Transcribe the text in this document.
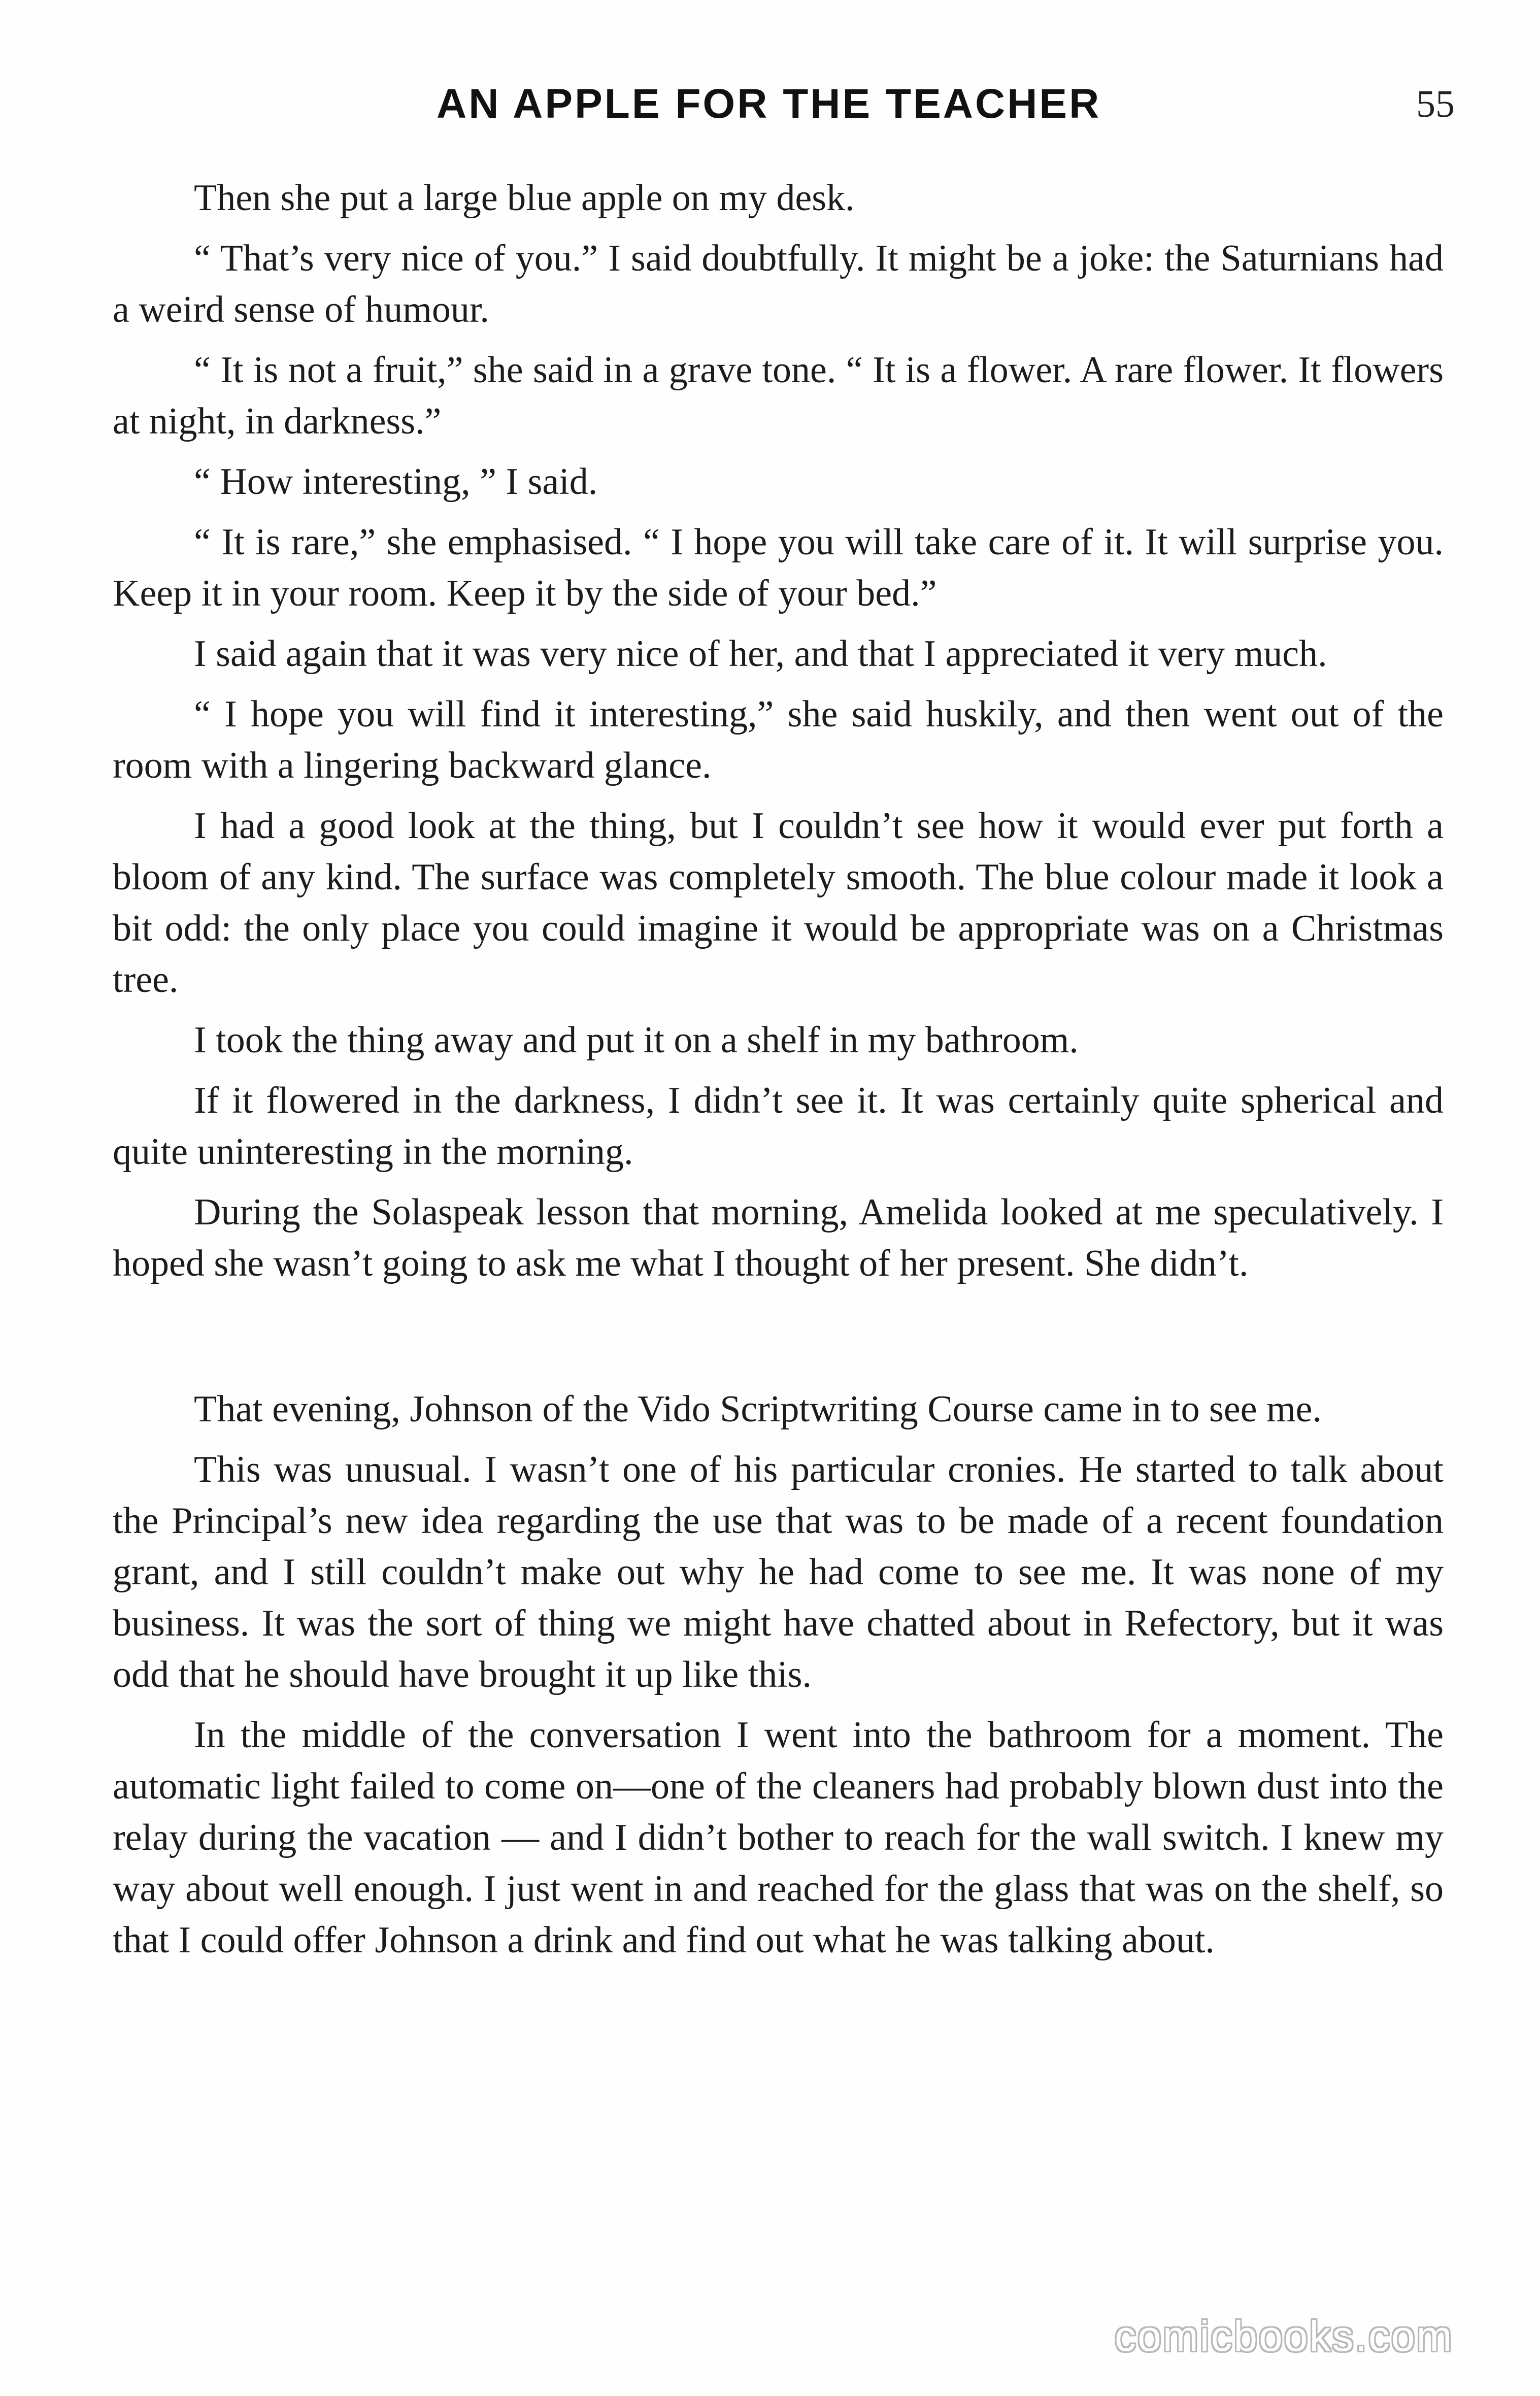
AN APPLE FOR THE TEACHER	55

Then she put a large blue apple on my desk.

“ That’s very nice of you.” I said doubtfully. It might be a joke: the Saturnians had a weird sense of humour.

“ It is not a fruit,” she said in a grave tone. “ It is a flower. A rare flower. It flowers at night, in darkness.”

“ How interesting, ” I said.

“ It is rare,” she emphasised. “ I hope you will take care of it. It will surprise you. Keep it in your room. Keep it by the side of your bed.”

I said again that it was very nice of her, and that I appreciated it very much.

“ I hope you will find it interesting,” she said huskily, and then went out of the room with a lingering backward glance.

I had a good look at the thing, but I couldn’t see how it would ever put forth a bloom of any kind. The surface was completely smooth. The blue colour made it look a bit odd: the only place you could imagine it would be appropriate was on a Christmas tree.

I took the thing away and put it on a shelf in my bathroom.

If it flowered in the darkness, I didn’t see it. It was certainly quite spherical and quite uninteresting in the morning.

During the Solaspeak lesson that morning, Amelida looked at me speculatively. I hoped she wasn’t going to ask me what I thought of her present. She didn’t.

That evening, Johnson of the Vido Scriptwriting Course came in to see me.

This was unusual. I wasn’t one of his particular cronies. He started to talk about the Principal’s new idea regarding the use that was to be made of a recent foundation grant, and I still couldn’t make out why he had come to see me. It was none of my business. It was the sort of thing we might have chatted about in Refectory, but it was odd that he should have brought it up like this.

In the middle of the conversation I went into the bathroom for a moment. The automatic light failed to come on—one of the cleaners had probably blown dust into the relay during the vacation — and I didn’t bother to reach for the wall switch. I knew my way about well enough. I just went in and reached for the glass that was on the shelf, so that I could offer Johnson a drink and find out what he was talking about.

comicbooks.com
